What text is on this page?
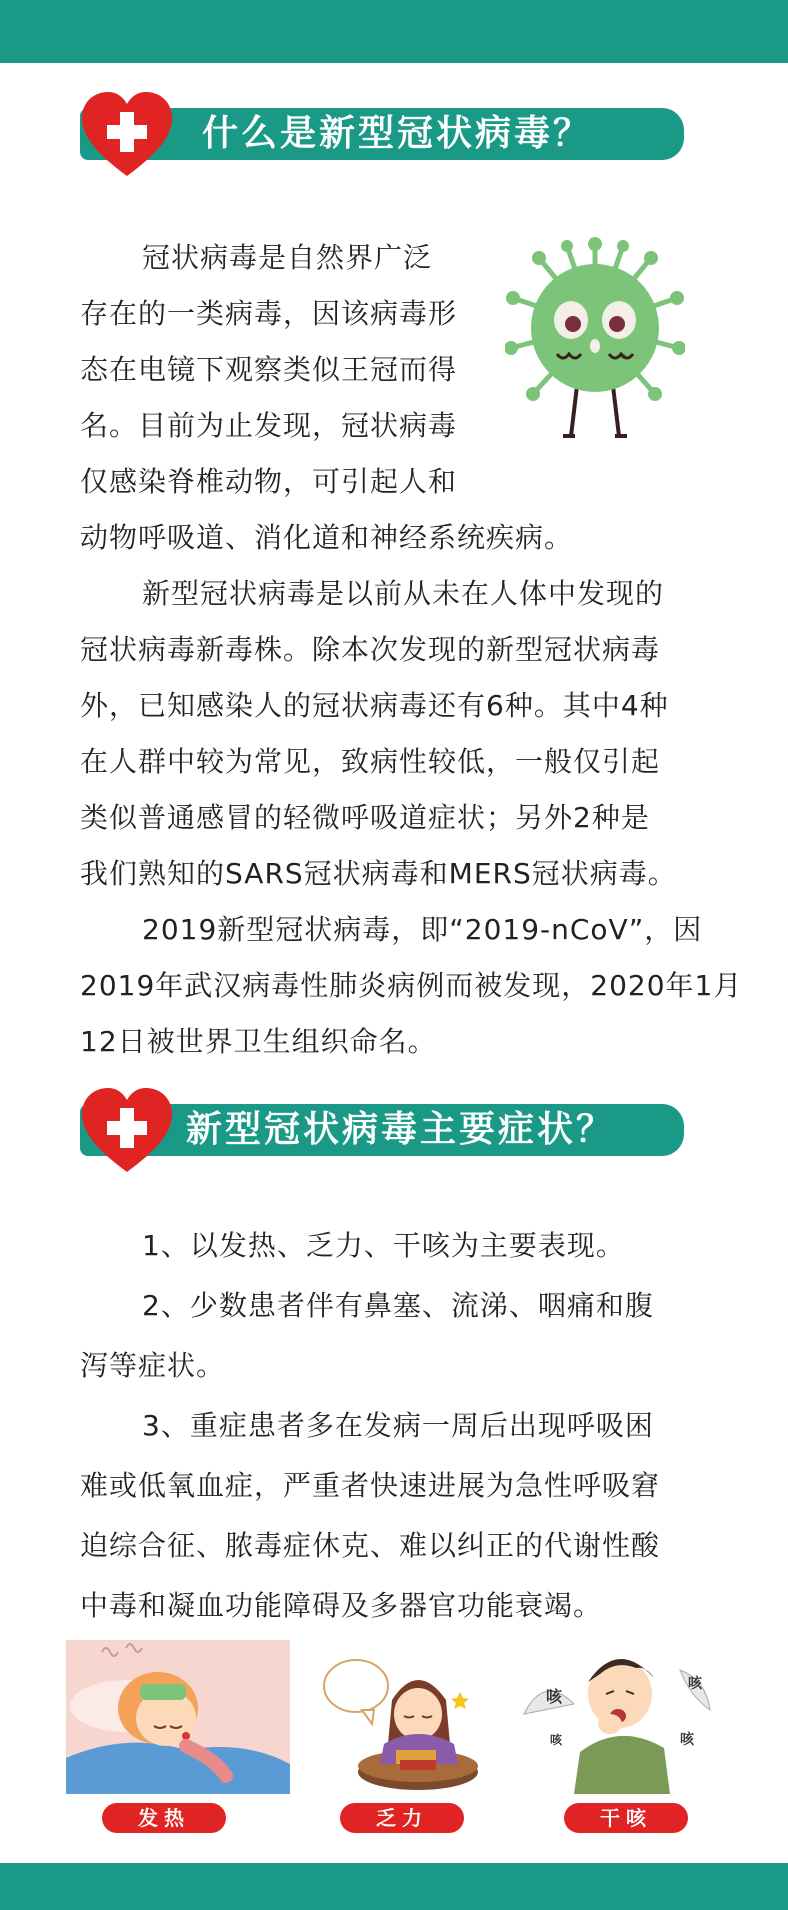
什么是新型冠状病毒？
冠状病毒是自然界广泛
存在的一类病毒，因该病毒形
态在电镜下观察类似王冠而得
名。目前为止发现，冠状病毒
仅感染脊椎动物，可引起人和
动物呼吸道、消化道和神经系统疾病。
新型冠状病毒是以前从未在人体中发现的
冠状病毒新毒株。除本次发现的新型冠状病毒
外，已知感染人的冠状病毒还有6种。其中4种
在人群中较为常见，致病性较低，一般仅引起
类似普通感冒的轻微呼吸道症状；另外2种是
我们熟知的SARS冠状病毒和MERS冠状病毒。
2019新型冠状病毒，即“2019-nCoV”，因
2019年武汉病毒性肺炎病例而被发现，2020年1月
12日被世界卫生组织命名。
新型冠状病毒主要症状？
1、以发热、乏力、干咳为主要表现。
2、少数患者伴有鼻塞、流涕、咽痛和腹
泻等症状。
3、重症患者多在发病一周后出现呼吸困
难或低氧血症，严重者快速进展为急性呼吸窘
迫综合征、脓毒症休克、难以纠正的代谢性酸
中毒和凝血功能障碍及多器官功能衰竭。
咳
咳
咳	咳
发热	乏力	干咳
